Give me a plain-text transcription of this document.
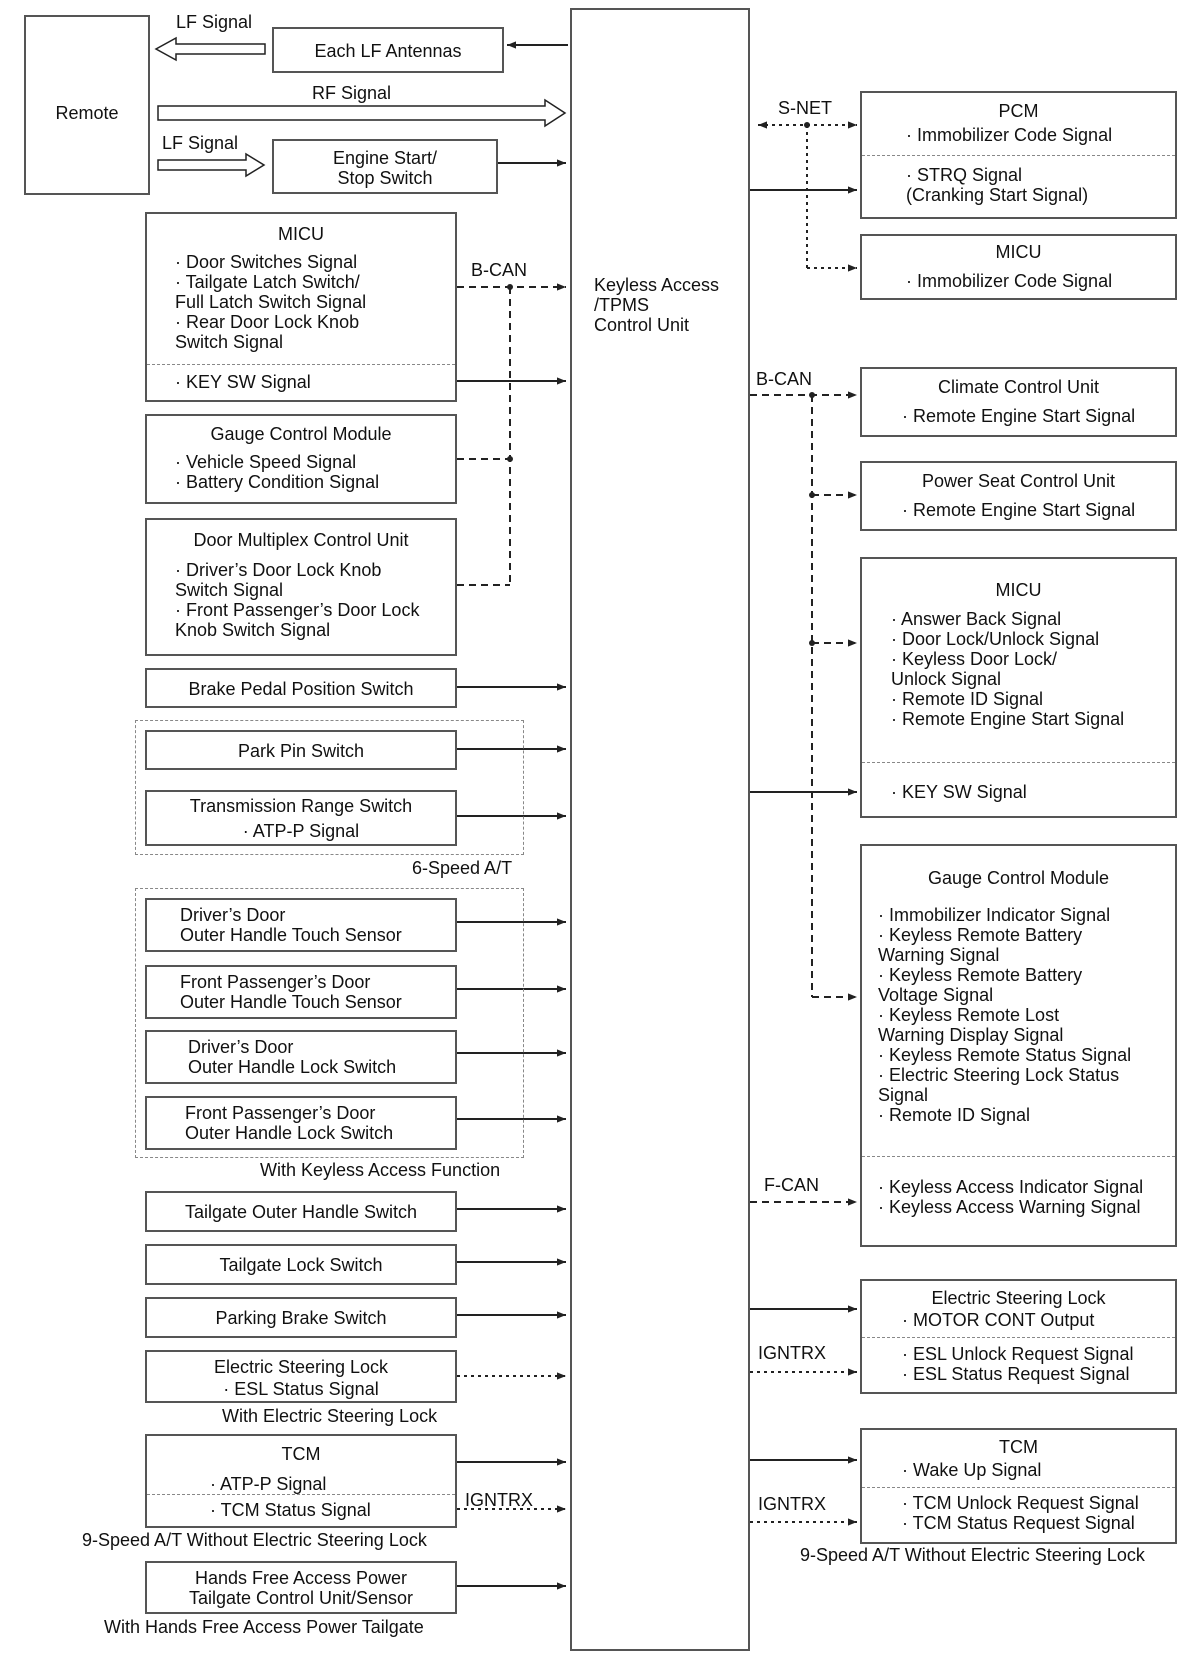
LF Signal
RF Signal
LF Signal
B-CAN
S-NET
B-CAN
F-CAN
IGNTRX
IGNTRX
IGNTRX
Remote
Each LF Antennas
Engine Start/
Stop Switch
Keyless Access
/TPMS
Control Unit
MICU
· Door Switches Signal
· Tailgate Latch Switch/
Full Latch Switch Signal
· Rear Door Lock Knob
Switch Signal
· KEY SW Signal
Gauge Control Module
· Vehicle Speed Signal
· Battery Condition Signal
Door Multiplex Control Unit
· Driver’s Door Lock Knob
Switch Signal
· Front Passenger’s Door Lock
Knob Switch Signal
Brake Pedal Position Switch
6-Speed A/T
Park Pin Switch
Transmission Range Switch
· ATP-P Signal
With Keyless Access Function
Driver’s Door
Outer Handle Touch Sensor
Front Passenger’s Door
Outer Handle Touch Sensor
Driver’s Door
Outer Handle Lock Switch
Front Passenger’s Door
Outer Handle Lock Switch
Tailgate Outer Handle Switch
Tailgate Lock Switch
Parking Brake Switch
Electric Steering Lock
· ESL Status Signal
With Electric Steering Lock
TCM
· ATP-P Signal
· TCM Status Signal
9-Speed A/T Without Electric Steering Lock
Hands Free Access Power
Tailgate Control Unit/Sensor
With Hands Free Access Power Tailgate
PCM
· Immobilizer Code Signal
· STRQ Signal
(Cranking Start Signal)
MICU
· Immobilizer Code Signal
Climate Control Unit
· Remote Engine Start Signal
Power Seat Control Unit
· Remote Engine Start Signal
MICU
· Answer Back Signal
· Door Lock/Unlock Signal
· Keyless Door Lock/
Unlock Signal
· Remote ID Signal
· Remote Engine Start Signal
· KEY SW Signal
Gauge Control Module
· Immobilizer Indicator Signal
· Keyless Remote Battery
Warning Signal
· Keyless Remote Battery
Voltage Signal
· Keyless Remote Lost
Warning Display Signal
· Keyless Remote Status Signal
· Electric Steering Lock Status
Signal
· Remote ID Signal
· Keyless Access Indicator Signal
· Keyless Access Warning Signal
Electric Steering Lock
· MOTOR CONT Output
· ESL Unlock Request Signal
· ESL Status Request Signal
TCM
· Wake Up Signal
· TCM Unlock Request Signal
· TCM Status Request Signal
9-Speed A/T Without Electric Steering Lock
